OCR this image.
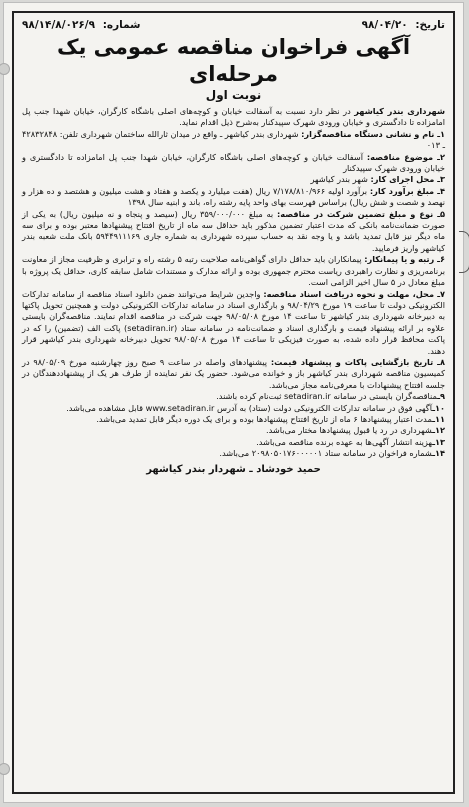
تاریخ: ۹۸/۰۴/۲۰
شماره: ۹۸/۱۴/۸/۰۲۶/۹
آگهی فراخوان مناقصه عمومی یک مرحله‌ای
نوبت اول

شهرداری بندر کیاشهر در نظر دارد نسبت به آسفالت خیابان و کوچه‌های اصلی باشگاه کارگران، خیابان شهدا جنب پل امامزاده تا دادگستری و خیابان ورودی شهرک سپیدکنار به‌شرح ذیل اقدام نماید.

۱ـ نام و نشانی دستگاه مناقصه‌گزار: شهرداری بندر کیاشهر ـ واقع در میدان ثارالله ساختمان شهرداری تلفن: ۴۲۸۳۲۸۴۸ ـ ۰۱۳

۲ـ موضوع مناقصه: آسفالت خیابان و کوچه‌های اصلی باشگاه کارگران، خیابان شهدا جنب پل امامزاده تا دادگستری و خیابان ورودی شهرک سپیدکنار

۳ـ محل اجرای کار: شهر بندر کیاشهر

۴ـ مبلغ برآورد کار: برآورد اولیه ۷/۱۷۸/۸۱۰/۹۶۶ ریال (هفت میلیارد و یکصد و هفتاد و هشت میلیون و هشتصد و ده هزار و نهصد و شصت و شش ریال) براساس فهرست بهای واحد پایه رشته راه، باند و ابنیه سال ۱۳۹۸

۵ـ نوع و مبلغ تضمین شرکت در مناقصه: به مبلغ ۳۵۹/۰۰۰/۰۰۰ ریال (سیصد و پنجاه و نه میلیون ریال) به یکی از صورت ضمانت‌نامه بانکی که مدت اعتبار تضمین مذکور باید حداقل سه ماه از تاریخ افتتاح پیشنهادها معتبر بوده و برای سه ماه دیگر نیز قابل تمدید باشد و یا وجه نقد به حساب سپرده شهرداری به شماره جاری ۵۹۴۴۹۱۱۱۶۹ بانک ملت شعبه بندر کیاشهر واریز فرمایید.

۶ـ رتبه و یا پیمانکار: پیمانکاران باید حداقل دارای گواهی‌نامه صلاحیت رتبه ۵ رشته راه و ترابری و ظرفیت مجاز از معاونت برنامه‌ریزی و نظارت راهبردی ریاست محترم جمهوری بوده و ارائه مدارک و مستندات شامل سابقه کاری، حداقل یک پروژه با مبلغ معادل در ۵ سال اخیر الزامی است.

۷ـ محل، مهلت و نحوه دریافت اسناد مناقصه: واجدین شرایط می‌توانند ضمن دانلود اسناد مناقصه از سامانه تدارکات الکترونیکی دولت تا ساعت ۱۹ مورخ ۹۸/۰۴/۲۹ و بارگذاری اسناد در سامانه تدارکات الکترونیکی دولت و همچنین تحویل پاکتها به دبیرخانه شهرداری بندر کیاشهر تا ساعت ۱۴ مورخ ۹۸/۰۵/۰۸ جهت شرکت در مناقصه اقدام نمایند. مناقصه‌گران بایستی علاوه بر ارائه پیشنهاد قیمت و بارگذاری اسناد و ضمانت‌نامه در سامانه ستاد (setadiran.ir) پاکت الف (تضمین) را که در پاکت محافظ قرار داده شده، به صورت فیزیکی تا ساعت ۱۴ مورخ ۹۸/۰۵/۰۸ تحویل دبیرخانه شهرداری بندر کیاشهر قرار دهند.

۸ـ تاریخ بازگشایی پاکات و پیشنهاد قیمت: پیشنهادهای واصله در ساعت ۹ صبح روز چهارشنبه مورخ ۹۸/۰۵/۰۹ در کمیسیون مناقصه شهرداری بندر کیاشهر باز و خوانده می‌شود. حضور یک نفر نماینده از طرف هر یک از پیشنهاددهندگان در جلسه افتتاح پیشنهادات با معرفی‌نامه مجاز می‌باشد.

۹ـمناقصه‌گران بایستی در سامانه setadiran.ir ثبت‌نام کرده باشند.

۱۰ـآگهی فوق در سامانه تدارکات الکترونیکی دولت (ستاد) به آدرس www.setadiran.ir قابل مشاهده می‌باشد.

۱۱ـمدت اعتبار پیشنهادها ۶ ماه از تاریخ افتتاح پیشنهادها بوده و برای یک دوره دیگر قابل تمدید می‌باشد.

۱۲ـشهرداری در رد یا قبول پیشنهادها مختار می‌باشد.

۱۳ـهزینه انتشار آگهی‌ها به عهده برنده مناقصه می‌باشد.

۱۴ـشماره فراخوان در سامانه ستاد ۲۰۹۸۰۵۰۱۷۶۰۰۰۰۰۱ می‌باشد.

حمید خودشاد ـ شهردار بندر کیاشهر
